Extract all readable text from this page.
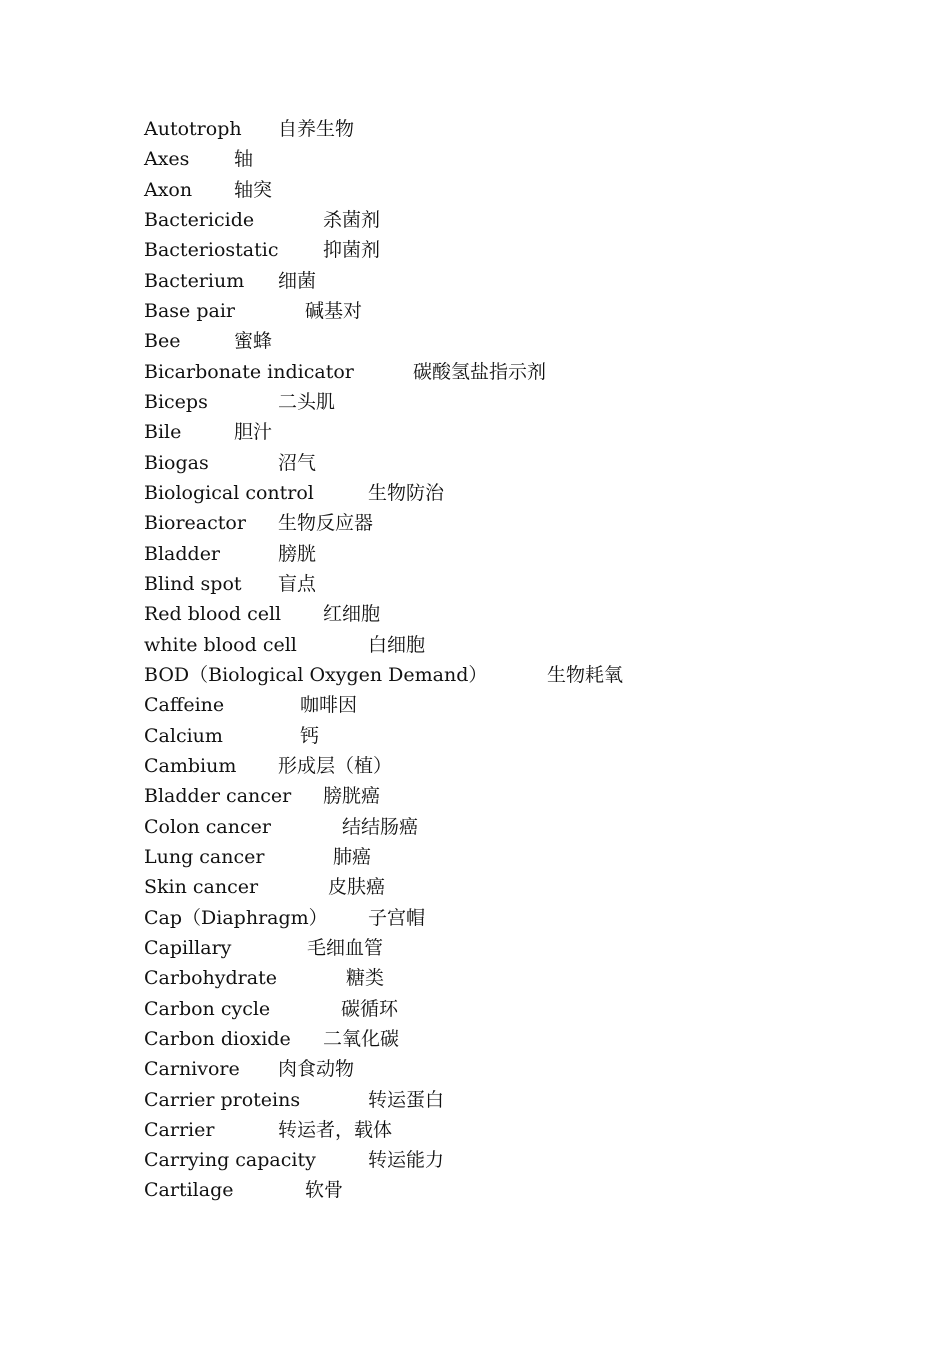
Autotroph 自养生物
Axes 轴
Axon 轴突
Bactericide	杀菌剂
Bacteriostatic 抑菌剂
Bacterium 细菌
Base pair	碱基对
Bee	蜜蜂
Bicarbonate indicator	碳酸氢盐指示剂
Biceps	二头肌
Bile	胆汁
Biogas	沼气
Biological control	生物防治
Bioreactor 生物反应器
Bladder	膀胱
Blind spot 盲点
Red blood cell 红细胞
white blood cell	白细胞
BOD（Biological Oxygen Demand）	生物耗氧
Caffeine	咖啡因
Calcium	钙
Cambium 形成层（植）
Bladder cancer 膀胱癌
Colon cancer	结结肠癌
Lung cancer	肺癌
Skin cancer	皮肤癌
Cap（Diaphragm） 子宫帽
Capillary	毛细血管
Carbohydrate	糖类
Carbon cycle	碳循环
Carbon dioxide 二氧化碳
Carnivore 肉食动物
Carrier proteins	转运蛋白
Carrier	转运者，载体
Carrying capacity	转运能力
Cartilage	软骨
